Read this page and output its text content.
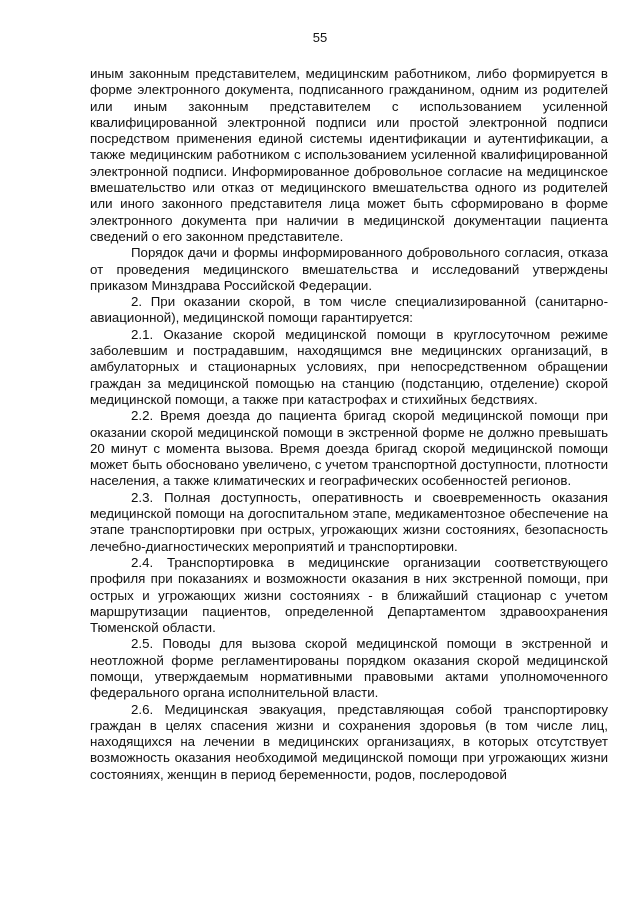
55

иным законным представителем, медицинским работником, либо формируется в форме электронного документа, подписанного гражданином, одним из родителей или иным законным представителем с использованием усиленной квалифицированной электронной подписи или простой электронной подписи посредством применения единой системы идентификации и аутентификации, а также медицинским работником с использованием усиленной квалифицированной электронной подписи. Информированное добровольное согласие на медицинское вмешательство или отказ от медицинского вмешательства одного из родителей или иного законного представителя лица может быть сформировано в форме электронного документа при наличии в медицинской документации пациента сведений о его законном представителе.

Порядок дачи и формы информированного добровольного согласия, отказа от проведения медицинского вмешательства и исследований утверждены приказом Минздрава Российской Федерации.

2. При оказании скорой, в том числе специализированной (санитарно-авиационной), медицинской помощи гарантируется:

2.1. Оказание скорой медицинской помощи в круглосуточном режиме заболевшим и пострадавшим, находящимся вне медицинских организаций, в амбулаторных и стационарных условиях, при непосредственном обращении граждан за медицинской помощью на станцию (подстанцию, отделение) скорой медицинской помощи, а также при катастрофах и стихийных бедствиях.

2.2. Время доезда до пациента бригад скорой медицинской помощи при оказании скорой медицинской помощи в экстренной форме не должно превышать 20 минут с момента вызова. Время доезда бригад скорой медицинской помощи может быть обосновано увеличено, с учетом транспортной доступности, плотности населения, а также климатических и географических особенностей регионов.

2.3. Полная доступность, оперативность и своевременность оказания медицинской помощи на догоспитальном этапе, медикаментозное обеспечение на этапе транспортировки при острых, угрожающих жизни состояниях, безопасность лечебно-диагностических мероприятий и транспортировки.

2.4. Транспортировка в медицинские организации соответствующего профиля при показаниях и возможности оказания в них экстренной помощи, при острых и угрожающих жизни состояниях - в ближайший стационар с учетом маршрутизации пациентов, определенной Департаментом здравоохранения Тюменской области.

2.5. Поводы для вызова скорой медицинской помощи в экстренной и неотложной форме регламентированы порядком оказания скорой медицинской помощи, утверждаемым нормативными правовыми актами уполномоченного федерального органа исполнительной власти.

2.6. Медицинская эвакуация, представляющая собой транспортировку граждан в целях спасения жизни и сохранения здоровья (в том числе лиц, находящихся на лечении в медицинских организациях, в которых отсутствует возможность оказания необходимой медицинской помощи при угрожающих жизни состояниях, женщин в период беременности, родов, послеродовой
